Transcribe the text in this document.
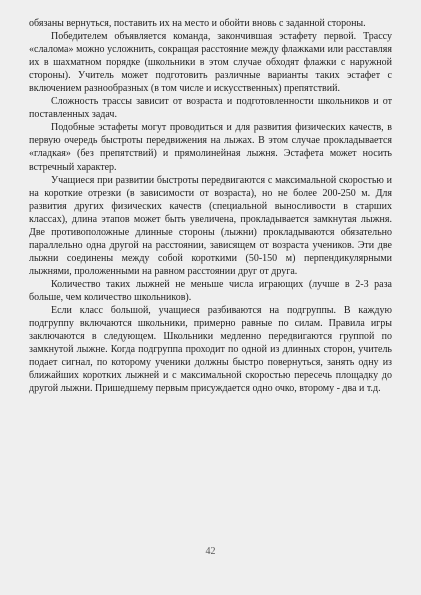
обязаны вернуться, поставить их на место и обойти вновь с заданной стороны.

Победителем объявляется команда, закончившая эстафету первой. Трассу «слалома» можно усложнить, сокращая расстояние между флажками или расставляя их в шахматном порядке (школьники в этом случае обходят флажки с наружной стороны). Учитель может подготовить различные варианты таких эстафет с включением разнообразных (в том числе и искусственных) препятствий.

Сложность трассы зависит от возраста и подготовленности школьников и от поставленных задач.

Подобные эстафеты могут проводиться и для развития физических качеств, в первую очередь быстроты передвижения на лыжах. В этом случае прокладывается «гладкая» (без препятствий) и прямолинейная лыжня. Эстафета может носить встречный характер.

Учащиеся при развитии быстроты передвигаются с максимальной скоростью и на короткие отрезки (в зависимости от возраста), но не более 200-250 м. Для развития других физических качеств (специальной выносливости в старших классах), длина этапов может быть увеличена, прокладывается замкнутая лыжня. Две противоположные длинные стороны (лыжни) прокладываются обязательно параллельно одна другой на расстоянии, зависящем от возраста учеников. Эти две лыжни соединены между собой короткими (50-150 м) перпендикулярными лыжнями, проложенными на равном расстоянии друг от друга.

Количество таких лыжней не меньше числа играющих (лучше в 2-3 раза больше, чем количество школьников).

Если класс большой, учащиеся разбиваются на подгруппы. В каждую подгруппу включаются школьники, примерно равные по силам. Правила игры заключаются в следующем. Школьники медленно передвигаются группой по замкнутой лыжне. Когда подгруппа проходит по одной из длинных сторон, учитель подает сигнал, по которому ученики должны быстро повернуться, занять одну из ближайших коротких лыжней и с максимальной скоростью пересечь площадку до другой лыжни. Пришедшему первым присуждается одно очко, второму - два и т.д.

42
